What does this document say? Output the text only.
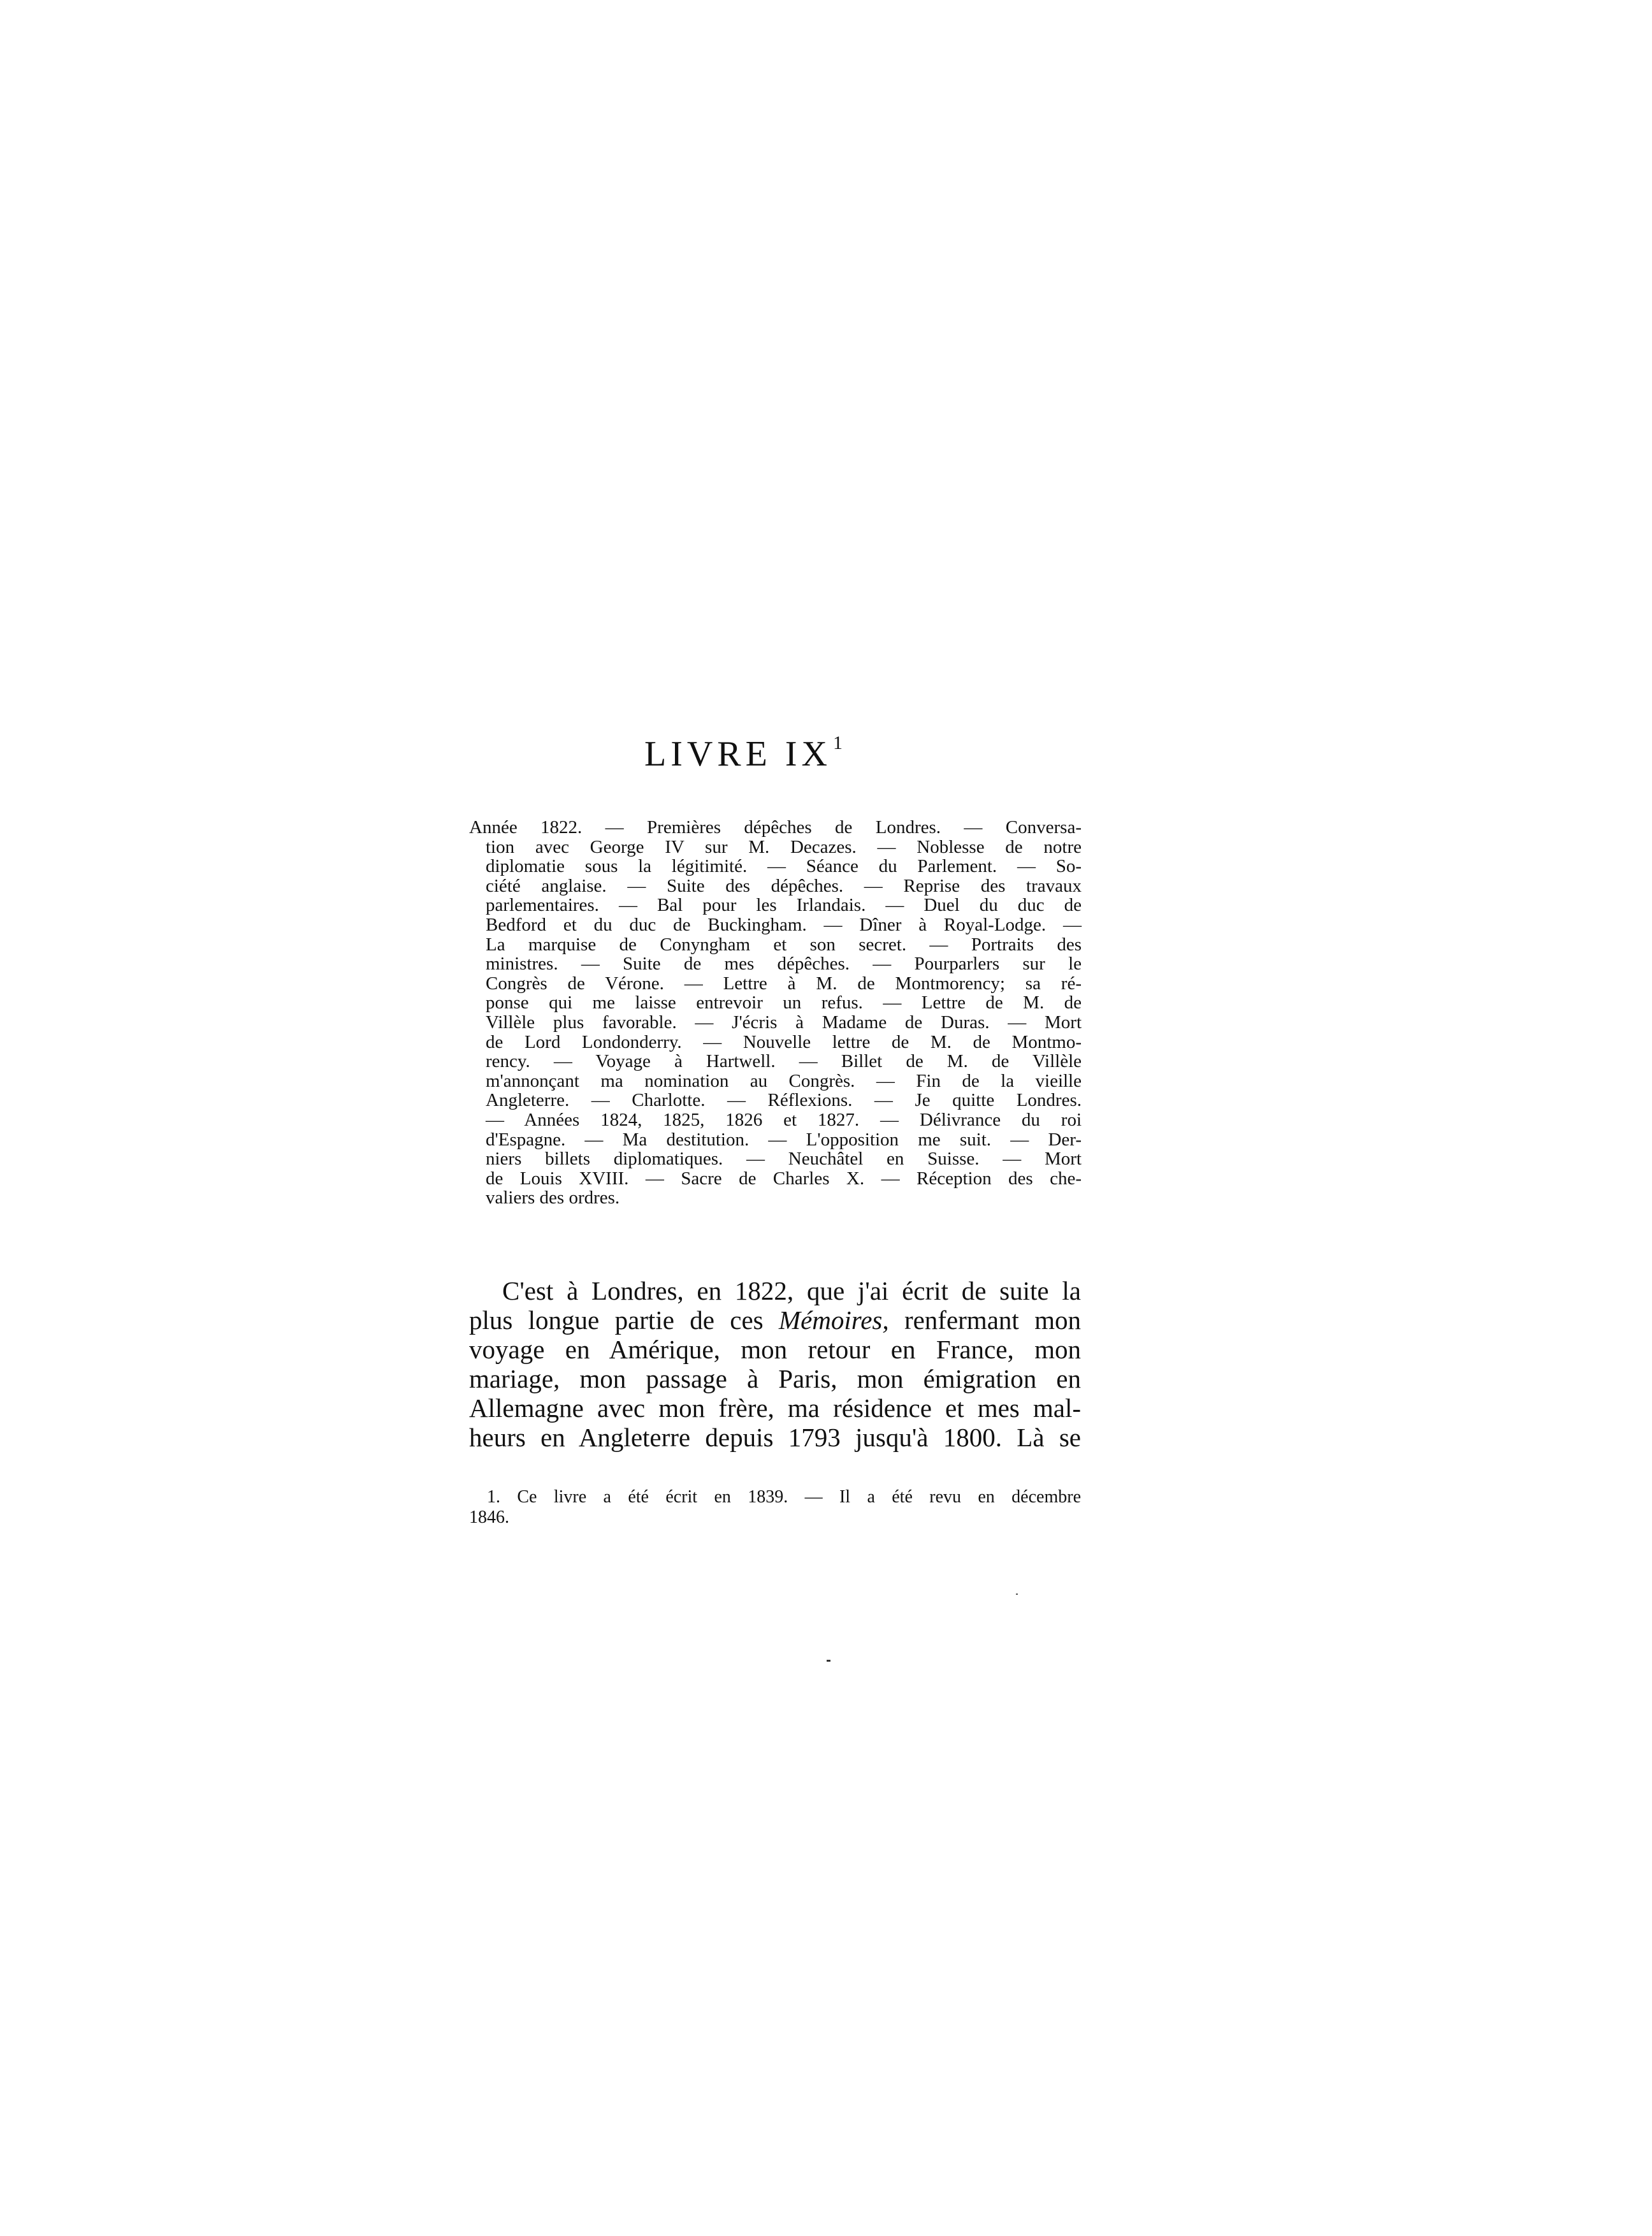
LIVRE $IX^1$
Année 1822. — Premières dépêches de Londres. — Conversa-
tion avec George IV sur M. Decazes. — Noblesse de notre
diplomatie sous la légitimité. — Séance du Parlement. — So-
ciété anglaise. — Suite des dépêches. — Reprise des travaux
parlementaires. — Bal pour les Irlandais. — Duel du duc de
Bedford et du duc de Buckingham. — Dîner à Royal-Lodge. —
La marquise de Conyngham et son secret. — Portraits des
ministres. — Suite de mes dépêches. — Pourparlers sur le
Congrès de Vérone. — Lettre à M. de Montmorency; sa ré-
ponse qui me laisse entrevoir un refus. — Lettre de M. de
Villèle plus favorable. — J'écris à Madame de Duras. — Mort
de Lord Londonderry. — Nouvelle lettre de M. de Montmo-
rency. — Voyage à Hartwell. — Billet de M. de Villèle
m'annonçant ma nomination au Congrès. — Fin de la vieille
Angleterre. — Charlotte. — Réflexions. — Je quitte Londres.
— Années 1824, 1825, 1826 et 1827. — Délivrance du roi
d'Espagne. — Ma destitution. — L'opposition me suit. — Der-
niers billets diplomatiques. — Neuchâtel en Suisse. — Mort
de Louis XVIII. — Sacre de Charles X. — Réception des che-
valiers des ordres.
C'est à Londres, en 1822, que j'ai écrit de suite la
plus longue partie de ces Mémoires, renfermant mon
voyage en Amérique, mon retour en France, mon
mariage, mon passage à Paris, mon émigration en
Allemagne avec mon frère, ma résidence et mes mal-
heurs en Angleterre depuis 1793 jusqu'à 1800. Là se
1. Ce livre a été écrit en 1839. — Il a été revu en décembre
1846.
